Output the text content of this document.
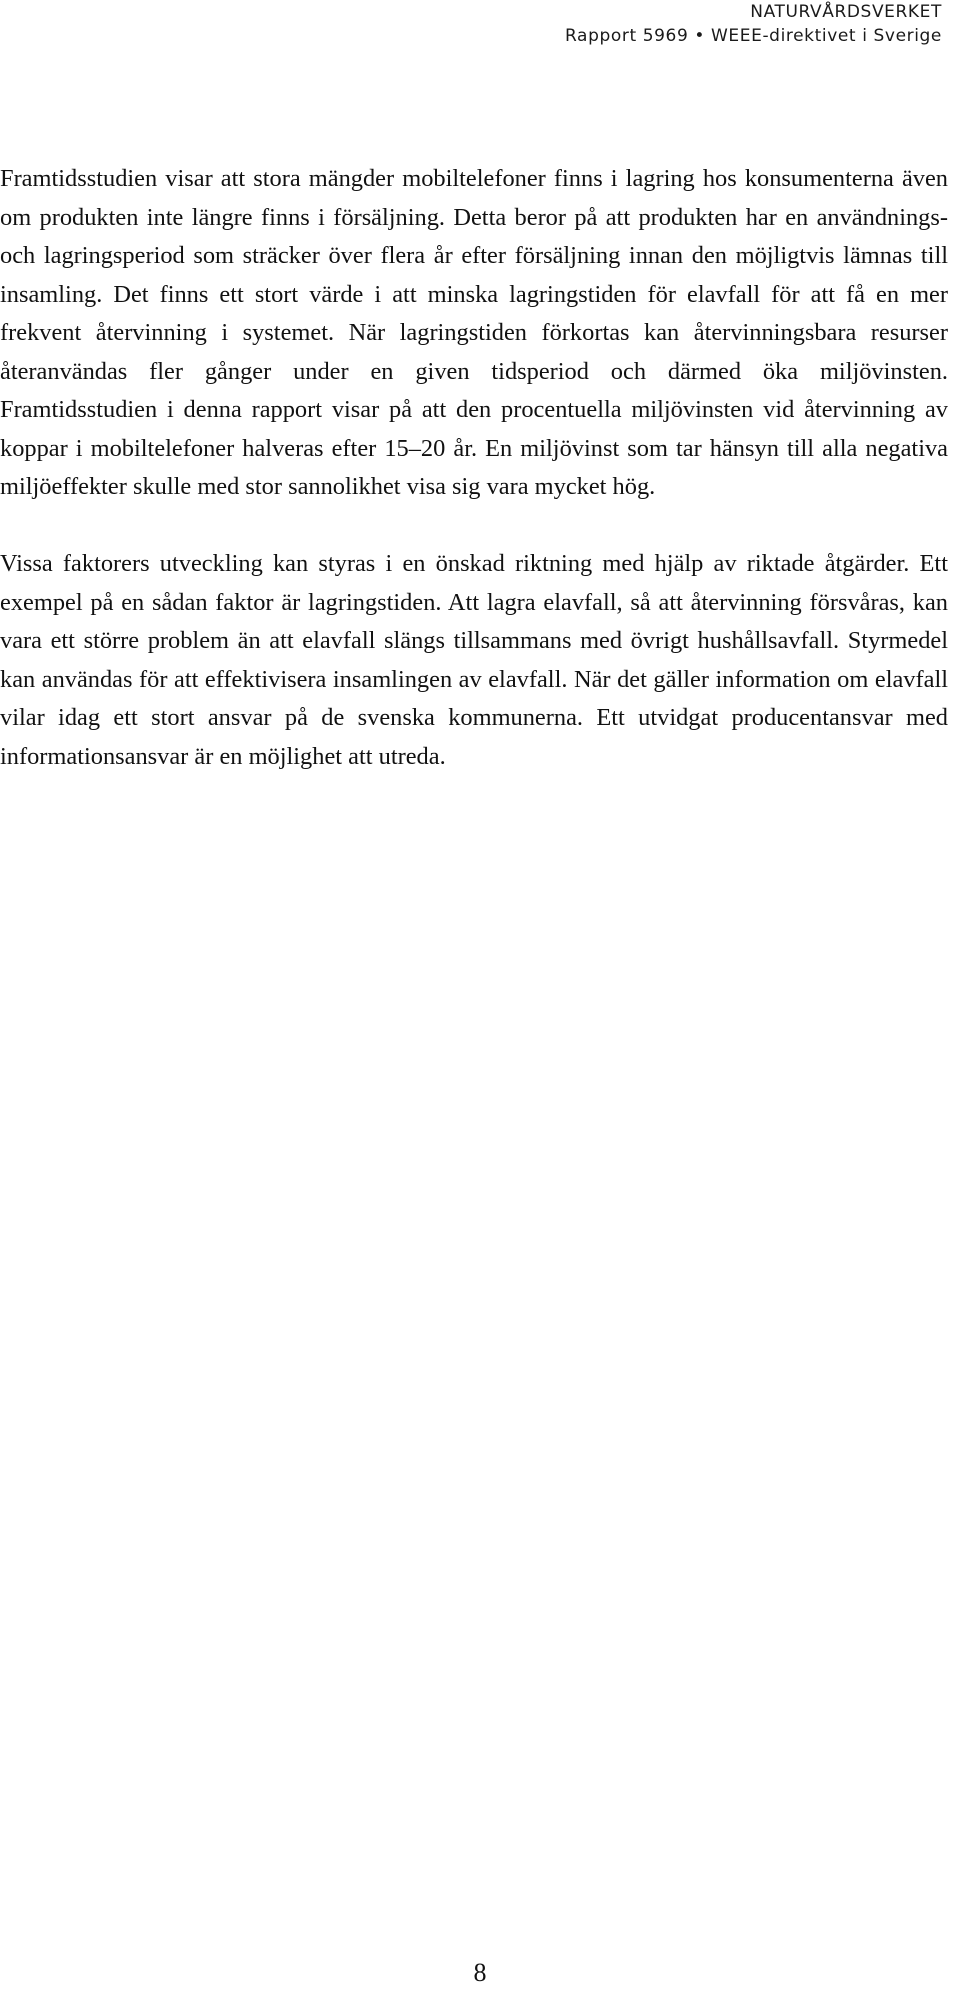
NATURVÅRDSVERKET
Rapport 5969 • WEEE-direktivet i Sverige

Framtidsstudien visar att stora mängder mobiltelefoner finns i lagring hos konsumenterna även om produkten inte längre finns i försäljning. Detta beror på att produkten har en användnings- och lagringsperiod som sträcker över flera år efter försäljning innan den möjligtvis lämnas till insamling. Det finns ett stort värde i att minska lagringstiden för elavfall för att få en mer frekvent återvinning i systemet. När lagringstiden förkortas kan återvinningsbara resurser återanvändas fler gånger under en given tidsperiod och därmed öka miljövinsten. Framtidsstudien i denna rapport visar på att den procentuella miljövinsten vid återvinning av koppar i mobiltelefoner halveras efter 15–20 år. En miljövinst som tar hänsyn till alla negativa miljöeffekter skulle med stor sannolikhet visa sig vara mycket hög.

Vissa faktorers utveckling kan styras i en önskad riktning med hjälp av riktade åtgärder. Ett exempel på en sådan faktor är lagringstiden. Att lagra elavfall, så att återvinning försvåras, kan vara ett större problem än att elavfall slängs tillsammans med övrigt hushållsavfall. Styrmedel kan användas för att effektivisera insamlingen av elavfall. När det gäller information om elavfall vilar idag ett stort ansvar på de svenska kommunerna. Ett utvidgat producentansvar med informationsansvar är en möjlighet att utreda.

8
